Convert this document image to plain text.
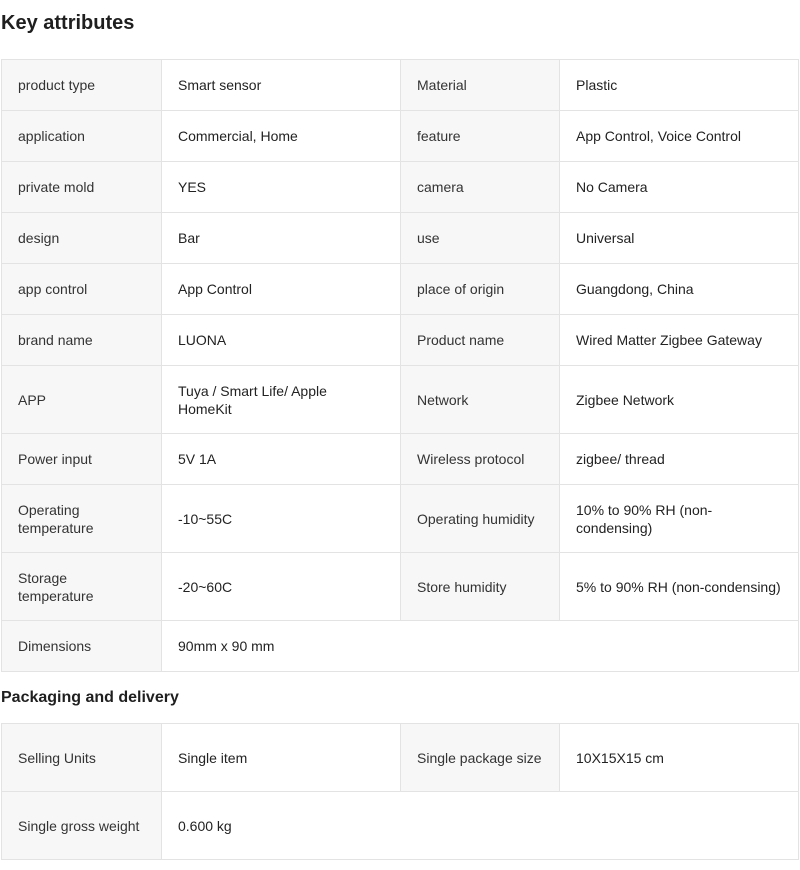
Key attributes
product type	Smart sensor	Material	Plastic
application	Commercial, Home	feature	App Control, Voice Control
private mold	YES	camera	No Camera
design	Bar	use	Universal
app control	App Control	place of origin	Guangdong, China
brand name	LUONA	Product name	Wired Matter Zigbee Gateway
APP	Tuya / Smart Life/ Apple HomeKit	Network	Zigbee Network
Power input	5V 1A	Wireless protocol	zigbee/ thread
Operating temperature	-10~55C	Operating humidity	10% to 90% RH (non-condensing)
Storage temperature	-20~60C	Store humidity	5% to 90% RH (non-condensing)
Dimensions	90mm x 90 mm		
Packaging and delivery
Selling Units	Single item	Single package size	10X15X15 cm
Single gross weight	0.600 kg		
